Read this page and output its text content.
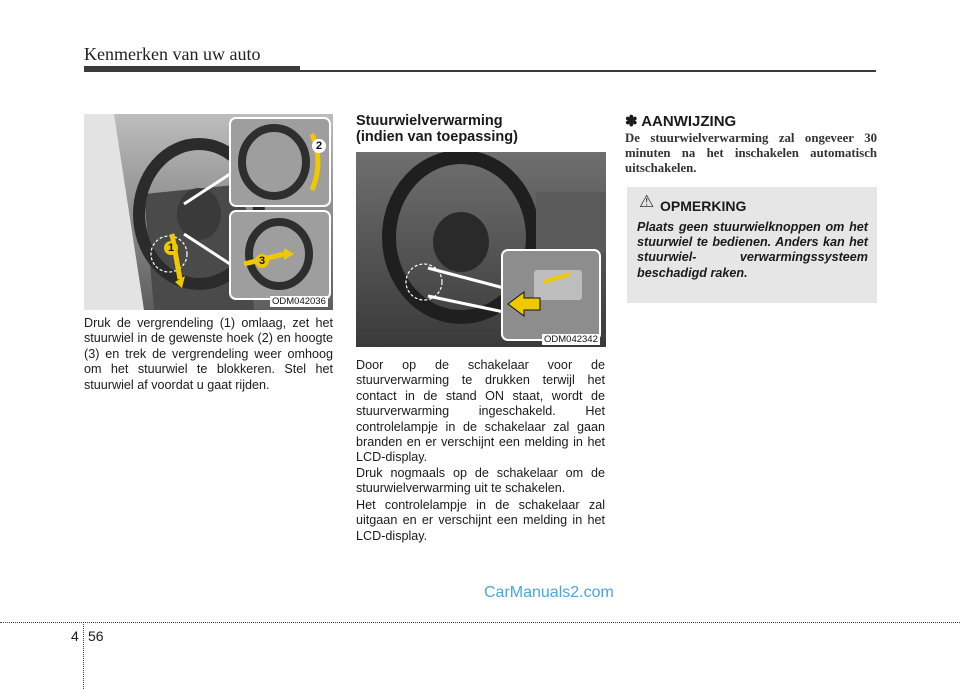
Kenmerken van uw auto
1
2
3
ODM042036

Druk de vergrendeling (1) omlaag, zet het stuurwiel in de gewenste hoek (2) en hoogte (3) en trek de vergrendeling weer omhoog om het stuurwiel te blokkeren. Stel het stuurwiel af voordat u gaat rijden.

Stuurwielverwarming
(indien van toepassing)
ODM042342

Door op de schakelaar voor de stuurverwarming te drukken terwijl het contact in de stand ON staat, wordt de stuurverwarming ingeschakeld. Het controlelampje in de schakelaar zal gaan branden en er verschijnt een melding in het LCD-display.

Druk nogmaals op de schakelaar om de stuurwielverwarming uit te schakelen.

Het controlelampje in de schakelaar zal uitgaan en er verschijnt een melding in het LCD-display.

✽ AANWIJZING

De stuurwielverwarming zal ongeveer 30 minuten na het inschakelen automatisch uitschakelen.

⚠ OPMERKING

Plaats geen stuurwielknoppen om het stuurwiel te bedienen. Anders kan het stuurwiel- verwarmingssysteem beschadigd raken.

CarManuals2.com
4 56
